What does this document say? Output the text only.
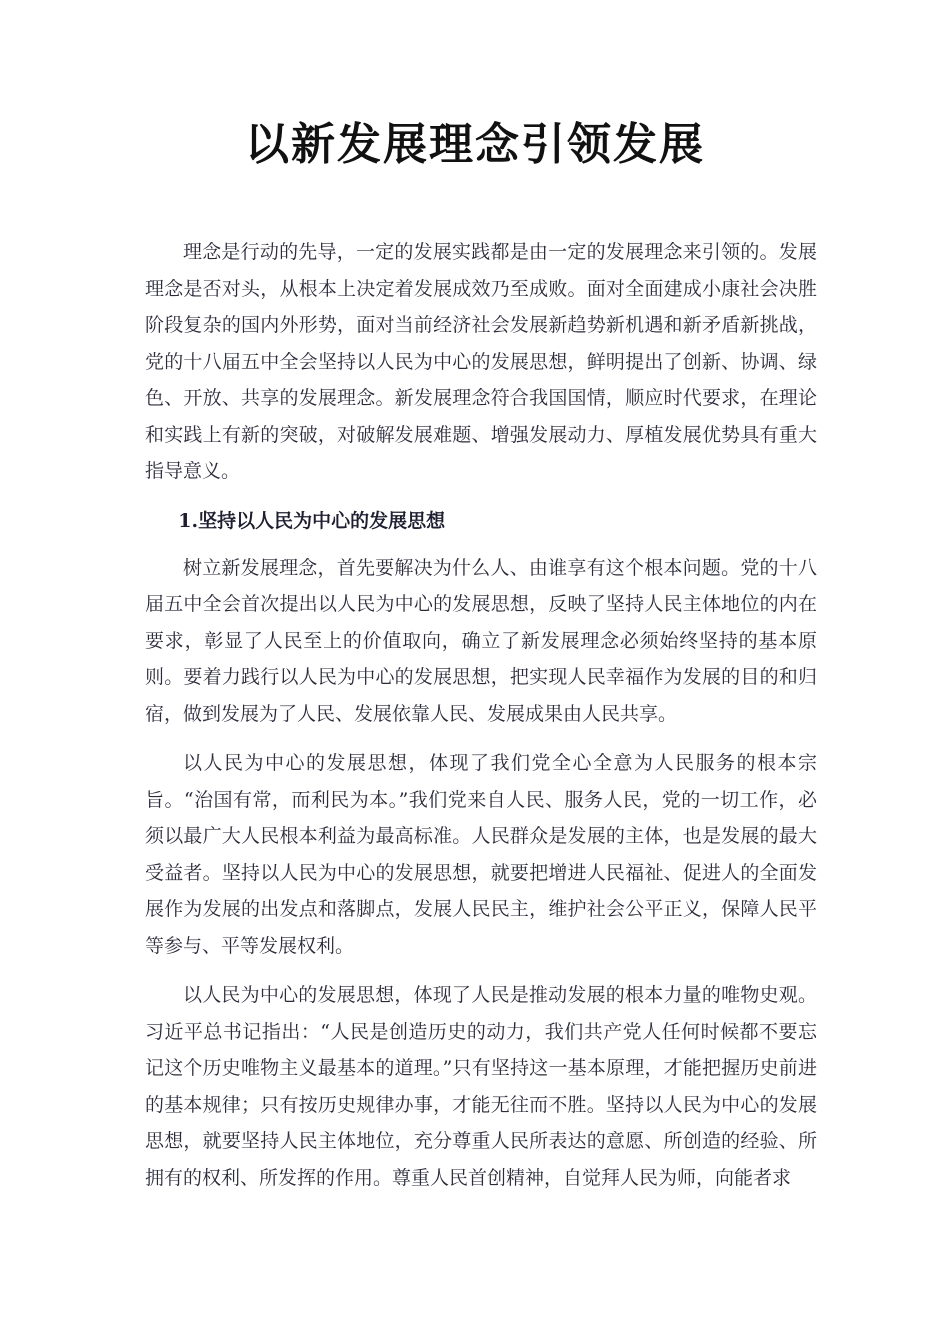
以新发展理念引领发展

理念是行动的先导，一定的发展实践都是由一定的发展理念来引领的。发展理念是否对头，从根本上决定着发展成效乃至成败。面对全面建成小康社会决胜阶段复杂的国内外形势，面对当前经济社会发展新趋势新机遇和新矛盾新挑战，党的十八届五中全会坚持以人民为中心的发展思想，鲜明提出了创新、协调、绿色、开放、共享的发展理念。新发展理念符合我国国情，顺应时代要求，在理论和实践上有新的突破，对破解发展难题、增强发展动力、厚植发展优势具有重大指导意义。

1.坚持以人民为中心的发展思想

树立新发展理念，首先要解决为什么人、由谁享有这个根本问题。党的十八届五中全会首次提出以人民为中心的发展思想，反映了坚持人民主体地位的内在要求，彰显了人民至上的价值取向，确立了新发展理念必须始终坚持的基本原则。要着力践行以人民为中心的发展思想，把实现人民幸福作为发展的目的和归宿，做到发展为了人民、发展依靠人民、发展成果由人民共享。

以人民为中心的发展思想，体现了我们党全心全意为人民服务的根本宗旨。“治国有常，而利民为本。”我们党来自人民、服务人民，党的一切工作，必须以最广大人民根本利益为最高标准。人民群众是发展的主体，也是发展的最大受益者。坚持以人民为中心的发展思想，就要把增进人民福祉、促进人的全面发展作为发展的出发点和落脚点，发展人民民主，维护社会公平正义，保障人民平等参与、平等发展权利。

以人民为中心的发展思想，体现了人民是推动发展的根本力量的唯物史观。习近平总书记指出：“人民是创造历史的动力，我们共产党人任何时候都不要忘记这个历史唯物主义最基本的道理。”只有坚持这一基本原理，才能把握历史前进的基本规律；只有按历史规律办事，才能无往而不胜。坚持以人民为中心的发展思想，就要坚持人民主体地位，充分尊重人民所表达的意愿、所创造的经验、所拥有的权利、所发挥的作用。尊重人民首创精神，自觉拜人民为师，向能者求
